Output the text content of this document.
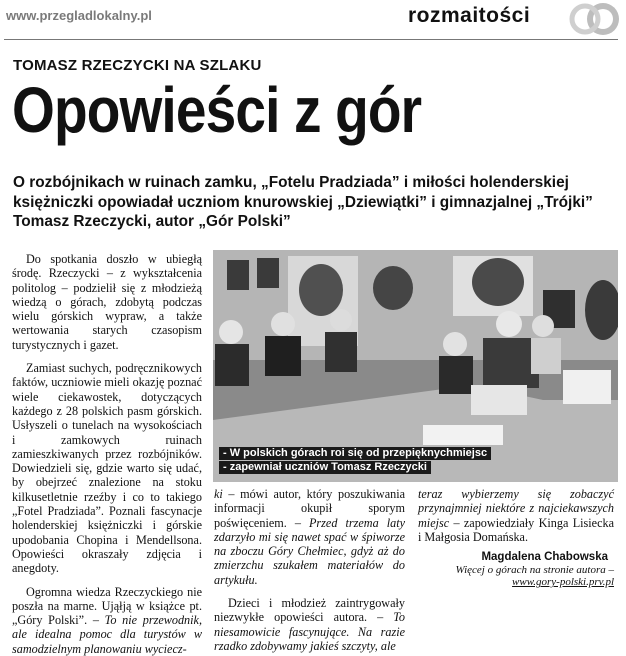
www.przegladlokalny.pl	rozmaitości
TOMASZ RZECZYCKI NA SZLAKU
Opowieści z gór
O rozbójnikach w ruinach zamku, „Fotelu Pradziada” i miłości holenderskiej księżniczki opowiadał uczniom knurowskiej „Dziewiątki” i gimnazjalnej „Trójki” Tomasz Rzeczycki, autor „Gór Polski”

Do spotkania doszło w ubiegłą środę. Rzeczycki – z wykształcenia politolog – podzielił się z młodzieżą wiedzą o górach, zdobytą podczas wielu górskich wypraw, a także wertowania starych czasopism turystycznych i gazet.

Zamiast suchych, podręcznikowych faktów, uczniowie mieli okazję poznać wiele ciekawostek, dotyczących każdego z 28 polskich pasm górskich. Usłyszeli o tunelach na wysokościach i zamkowych ruinach zamieszkiwanych przez rozbójników. Dowiedzieli się, gdzie warto się udać, by obejrzeć znalezione na stoku kilkusetletnie rzeźby i co to takiego „Fotel Pradziada”. Poznali fascynacje holenderskiej księżniczki i górskie upodobania Chopina i Mendellsona. Opowieści okraszały zdjęcia i anegdoty.

Ogromna wiedza Rzeczyckiego nie poszła na marne. Ująłją w książce pt. „Góry Polski”. – To nie przewodnik, ale idealna pomoc dla turystów w samodzielnym planowaniu wyciecz-

- W polskich górach roi się od przepięknychmiejsc
- zapewniał uczniów Tomasz Rzeczycki

ki – mówi autor, który poszukiwania informacji okupił sporym poświęceniem. – Przed trzema laty zdarzyło mi się nawet spać w śpiworze na zboczu Góry Chełmiec, gdyż aż do zmierzchu szukałem materiałów do artykułu.

Dzieci i młodzież zaintrygowały niezwykłe opowieści autora. – To niesamowicie fascynujące. Na razie rzadko zdobywamy jakieś szczyty, ale

teraz wybierzemy się zobaczyć przynajmniej niektóre z najciekawszych miejsc – zapowiedziały Kinga Lisiecka i Małgosia Domańska.

Magdalena Chabowska
Więcej o górach na stronie autora – www.gory-polski.prv.pl
